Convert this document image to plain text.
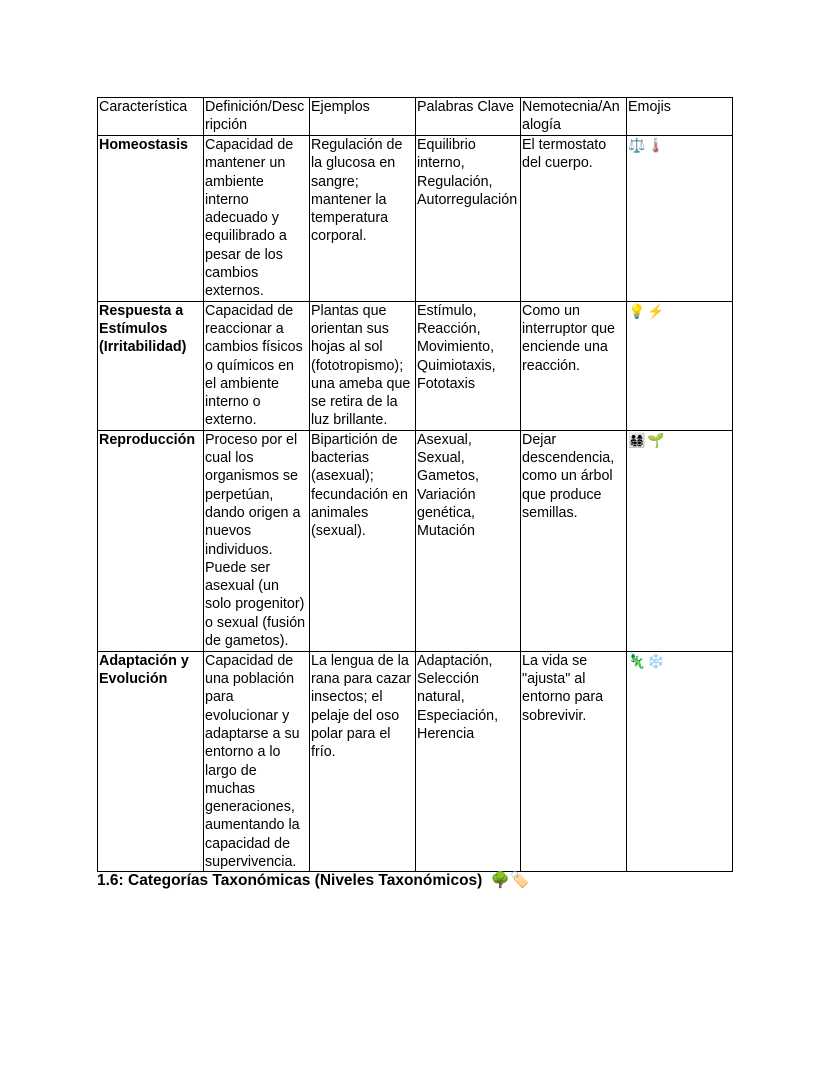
Característica	Definición/Descripción	Ejemplos	Palabras Clave	Nemotecnia/Analogía	Emojis
Homeostasis	Capacidad de mantener un ambiente interno adecuado y equilibrado a pesar de los cambios externos.	Regulación de la glucosa en sangre; mantener la temperatura corporal.	Equilibrio interno, Regulación, Autorregulación	El termostato del cuerpo.	⚖️🌡️
Respuesta a Estímulos (Irritabilidad)	Capacidad de reaccionar a cambios físicos o químicos en el ambiente interno o externo.	Plantas que orientan sus hojas al sol (fototropismo); una ameba que se retira de la luz brillante.	Estímulo, Reacción, Movimiento, Quimiotaxis, Fototaxis	Como un interruptor que enciende una reacción.	💡⚡
Reproducción	Proceso por el cual los organismos se perpetúan, dando origen a nuevos individuos. Puede ser asexual (un solo progenitor) o sexual (fusión de gametos).	Bipartición de bacterias (asexual); fecundación en animales (sexual).	Asexual, Sexual, Gametos, Variación genética, Mutación	Dejar descendencia, como un árbol que produce semillas.	👨‍👩‍👧‍👦🌱
Adaptación y Evolución	Capacidad de una población para evolucionar y adaptarse a su entorno a lo largo de muchas generaciones, aumentando la capacidad de supervivencia.	La lengua de la rana para cazar insectos; el pelaje del oso polar para el frío.	Adaptación, Selección natural, Especiación, Herencia	La vida se "ajusta" al entorno para sobrevivir.	🦎❄️
1.6: Categorías Taxonómicas (Niveles Taxonómicos) 🌳🏷️
